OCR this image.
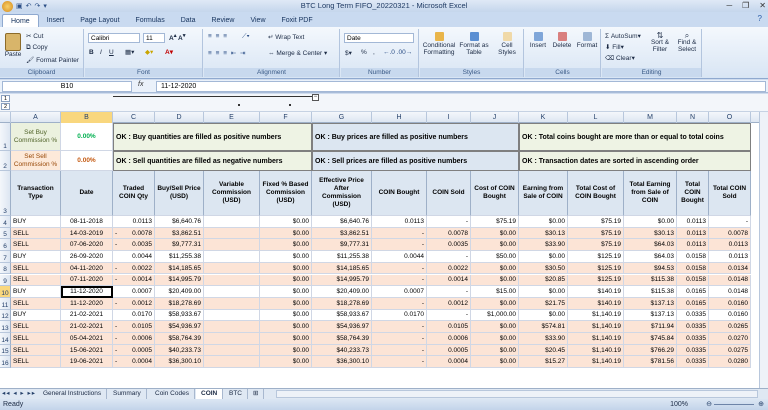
▣ ↶ ↷ ▾	BTC Long Term FIFO_20220321 - Microsoft Excel	─ ❐ ✕
Home	Insert	Page Layout	Formulas	Data	Review	View	Foxit PDF	?
Paste
✂ Cut
⧉ Copy
🖌 Format Painter
Clipboard
Calibri	11	A▴ A▾
B I U ▦▾ ◆▾ A▾
Font
≡ ≡ ≡ ⟋▾	↵ Wrap Text
≡ ≡ ≡ ⇤ ⇥	⇔ Merge & Center ▾
Alignment
Date
$▾ % , ←.0 .00→
Number
Conditional Formatting
Format as Table
Cell Styles
Styles
Insert Delete Format
Cells
Σ AutoSum▾
⬇ Fill▾
⌫ Clear▾
⇅
Sort & Filter
⌕
Find & Select
Editing
B10	fx	11-12-2020
1
2
−
A	B	C	D	E	F	G	H	I	J	K	L	M	N	O
1
2
3
4
5
6
7
8
9
10
11
12
13
14
15
16
Set Buy Commission %	0.00%	OK : Buy quantities are filled as positive numbers	OK : Buy prices are filled as positive numbers	OK : Total coins bought are more than or equal to total coins
Set Sell Commission %	0.00%	OK : Sell quantities are filled as negative numbers	OK : Sell prices are filled as positive numbers	OK : Transaction dates are sorted in ascending order
Transaction Type
Date
Traded COIN Qty
Buy/Sell Price (USD)
Variable Commission (USD)
Fixed % Based Commission (USD)
Effective Price After Commission (USD)
COIN Bought	COIN Sold
Cost of COIN Bought
Earning from Sale of COIN
Total Cost of COIN Bought
Total Earning from Sale of COIN
Total COIN Bought
Total COIN Sold
BUY	08-11-2018	0.0113	$6,640.76	$0.00	$6,640.76	0.0113	-	$75.19	$0.00	$75.19	$0.00	0.0113	-
SELL	14-03-2019	0.0078
-	$3,862.51	$0.00	$3,862.51	-	0.0078	$0.00	$30.13	$75.19	$30.13	0.0113	0.0078
SELL	07-06-2020	0.0035
-	$9,777.31	$0.00	$9,777.31	-	0.0035	$0.00	$33.90	$75.19	$64.03	0.0113	0.0113
BUY	26-09-2020	0.0044	$11,255.38	$0.00	$11,255.38	0.0044	-	$50.00	$0.00	$125.19	$64.03	0.0158	0.0113
SELL	04-11-2020	0.0022
-	$14,185.65	$0.00	$14,185.65	-	0.0022	$0.00	$30.50	$125.19	$94.53	0.0158	0.0134
SELL	07-11-2020	0.0014
-	$14,995.79	$0.00	$14,995.79	-	0.0014	$0.00	$20.85	$125.19	$115.38	0.0158	0.0148
BUY	11-12-2020	0.0007	$20,409.00	$0.00	$20,409.00	0.0007	-	$15.00	$0.00	$140.19	$115.38	0.0165	0.0148
SELL	11-12-2020	0.0012
-	$18,278.69	$0.00	$18,278.69	-	0.0012	$0.00	$21.75	$140.19	$137.13	0.0165	0.0160
BUY	21-02-2021	0.0170	$58,933.67	$0.00	$58,933.67	0.0170	-	$1,000.00	$0.00	$1,140.19	$137.13	0.0335	0.0160
SELL	21-02-2021	0.0105
-	$54,936.97	$0.00	$54,936.97	-	0.0105	$0.00	$574.81	$1,140.19	$711.94	0.0335	0.0265
SELL	05-04-2021	0.0006
-	$58,764.39	$0.00	$58,764.39	-	0.0006	$0.00	$33.90	$1,140.19	$745.84	0.0335	0.0270
SELL	15-06-2021	0.0005
-	$40,233.73	$0.00	$40,233.73	-	0.0005	$0.00	$20.45	$1,140.19	$766.29	0.0335	0.0275
SELL	19-06-2021	0.0004
-	$36,300.10	$0.00	$36,300.10	-	0.0004	$0.00	$15.27	$1,140.19	$781.56	0.0335	0.0280
◂◂ ◂ ▸ ▸▸	General Instructions	Summary	Coin Codes	COIN	BTC	⊞
Ready	100%	⊖	⊕
